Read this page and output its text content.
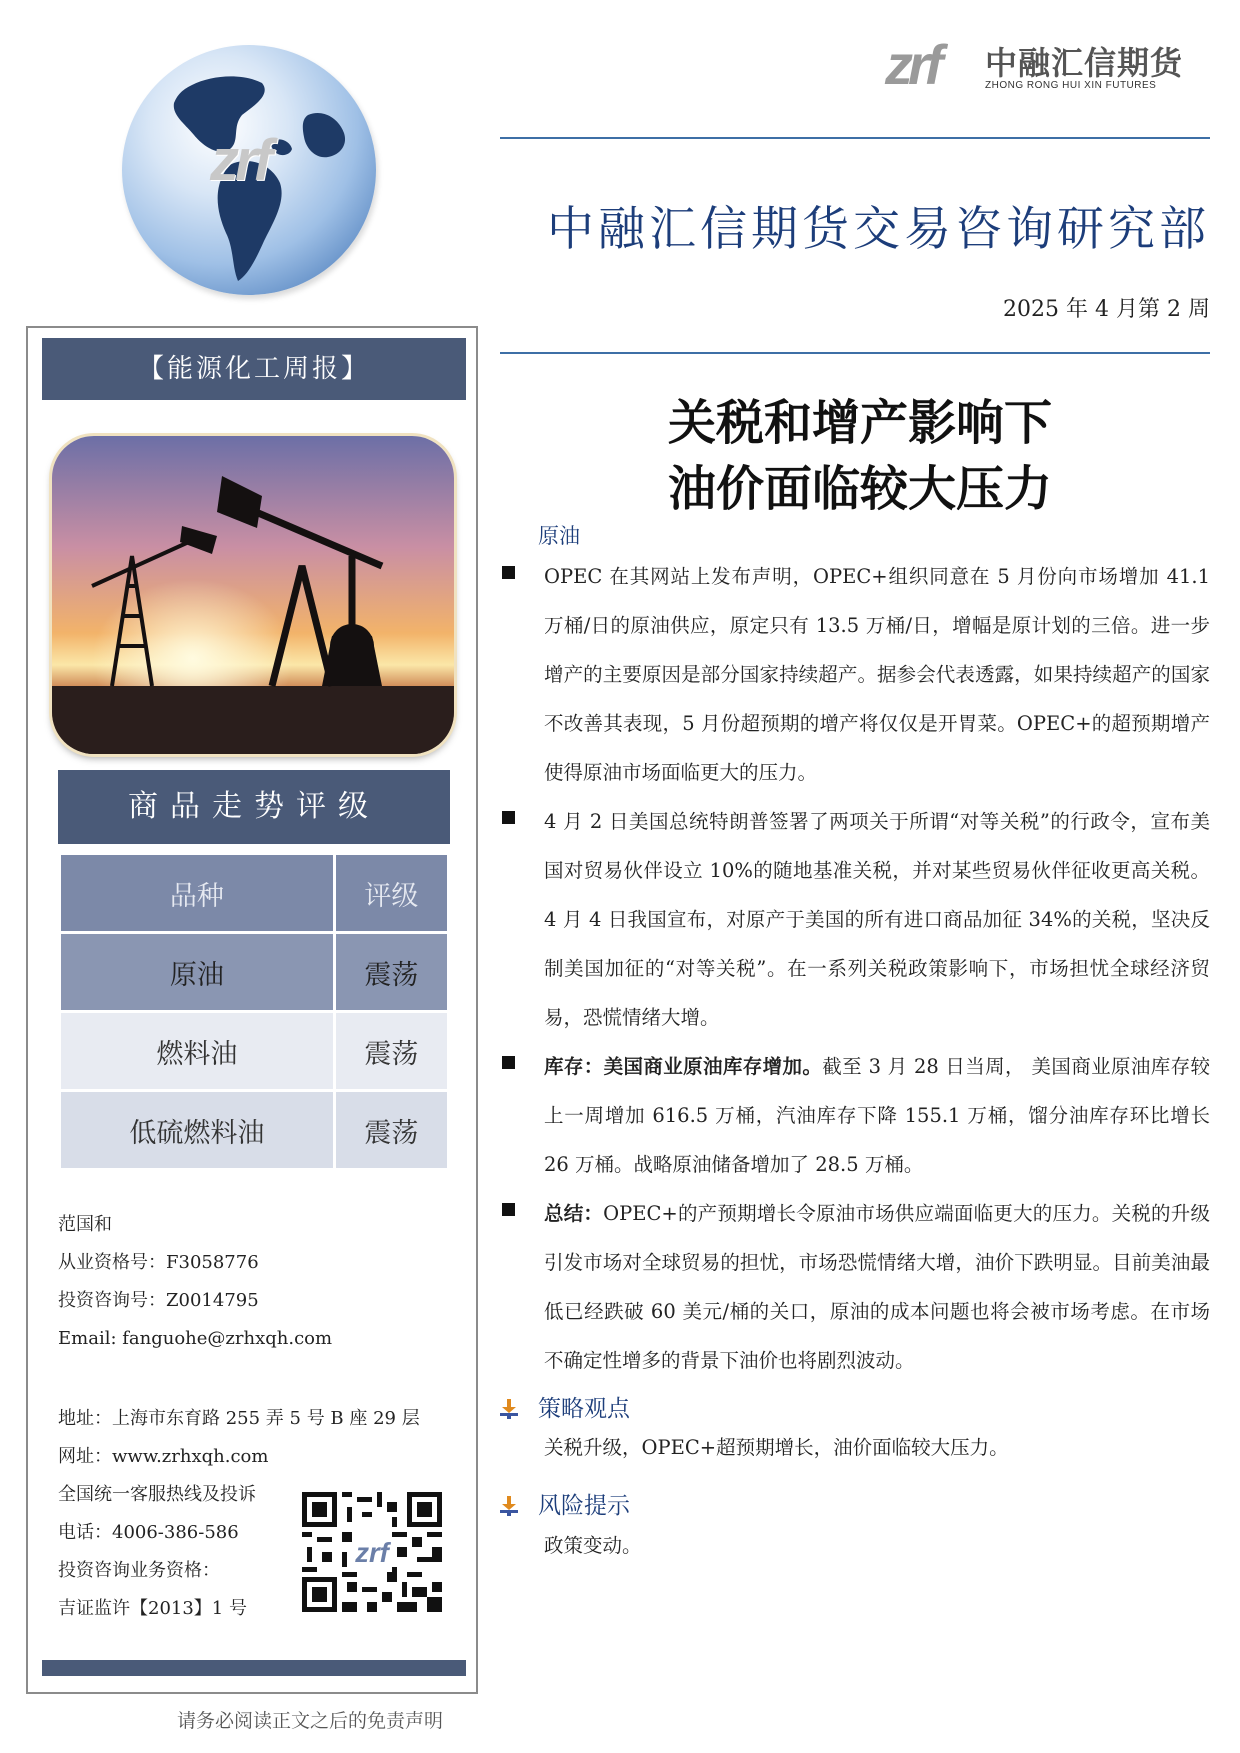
zrf
zrf 中融汇信期货
ZHONG RONG HUI XIN FUTURES
中融汇信期货交易咨询研究部
2025 年 4 月第 2 周
【能源化工周报】
商品走势评级
品种	评级
原油	震荡
燃料油	震荡
低硫燃料油	震荡
范国和
从业资格号：F3058776
投资咨询号：Z0014795
Email: fanguohe@zrhxqh.com
地址：上海市东育路 255 弄 5 号 B 座 29 层
网址：www.zrhxqh.com
全国统一客服热线及投诉
电话：4006-386-586
投资咨询业务资格：
吉证监许【2013】1 号
zrf
请务必阅读正文之后的免责声明
关税和增产影响下
油价面临较大压力
原油
OPEC 在其网站上发布声明，OPEC+组织同意在 5 月份向市场增加 41.1 万桶/日的原油供应，原定只有 13.5 万桶/日，增幅是原计划的三倍。进一步增产的主要原因是部分国家持续超产。据参会代表透露，如果持续超产的国家不改善其表现，5 月份超预期的增产将仅仅是开胃菜。OPEC+的超预期增产使得原油市场面临更大的压力。
4 月 2 日美国总统特朗普签署了两项关于所谓“对等关税”的行政令，宣布美国对贸易伙伴设立 10%的随地基准关税，并对某些贸易伙伴征收更高关税。4 月 4 日我国宣布，对原产于美国的所有进口商品加征 34%的关税，坚决反制美国加征的“对等关税”。在一系列关税政策影响下，市场担忧全球经济贸易，恐慌情绪大增。
库存：美国商业原油库存增加。截至 3 月 28 日当周， 美国商业原油库存较上一周增加 616.5 万桶，汽油库存下降 155.1 万桶，馏分油库存环比增长 26 万桶。战略原油储备增加了 28.5 万桶。
总结：OPEC+的产预期增长令原油市场供应端面临更大的压力。关税的升级引发市场对全球贸易的担忧，市场恐慌情绪大增，油价下跌明显。目前美油最低已经跌破 60 美元/桶的关口，原油的成本问题也将会被市场考虑。在市场不确定性增多的背景下油价也将剧烈波动。
策略观点
关税升级，OPEC+超预期增长，油价面临较大压力。
风险提示
政策变动。
